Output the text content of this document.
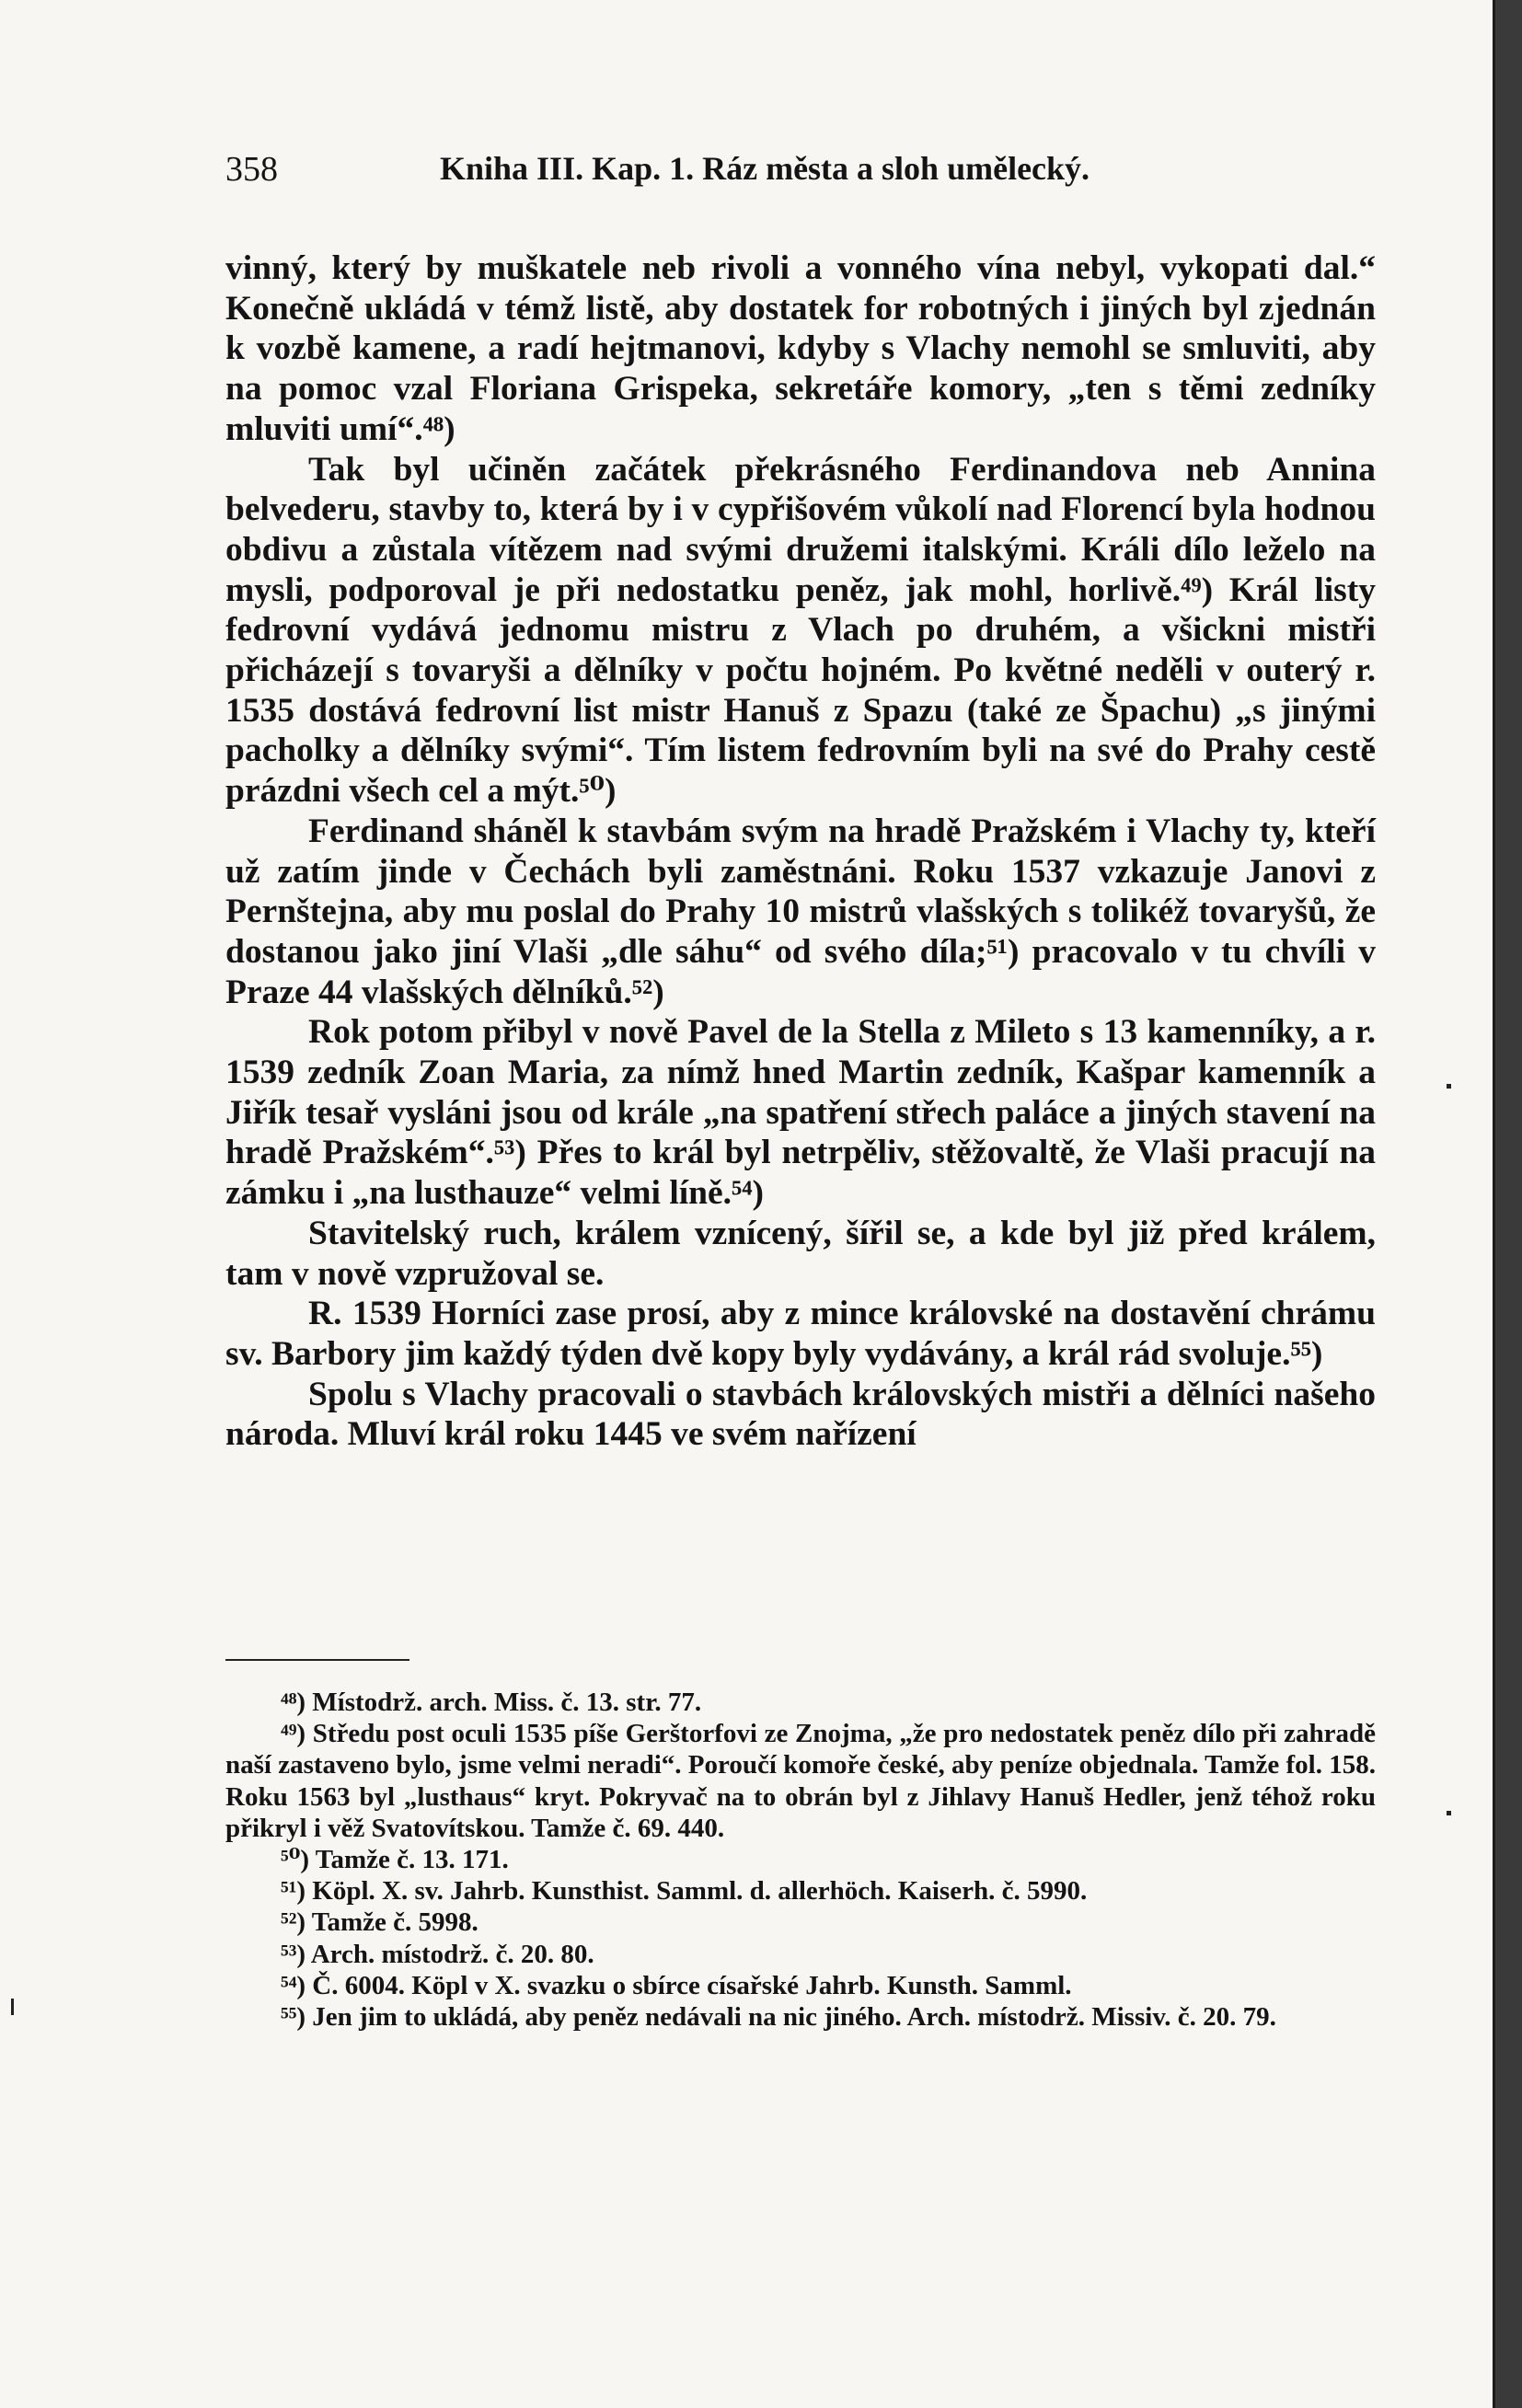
358	Kniha III. Kap. 1. Ráz města a sloh umělecký.

vinný, který by muškatele neb rivoli a vonného vína nebyl, vykopati dal.“ Konečně ukládá v témž listě, aby dostatek for robotných i jiných byl zjednán k vozbě kamene, a radí hejtmanovi, kdyby s Vlachy nemohl se smluviti, aby na pomoc vzal Floriana Grispeka, sekretáře komory, „ten s těmi zedníky mluviti umí“.⁴⁸)

Tak byl učiněn začátek překrásného Ferdinandova neb Annina belvederu, stavby to, která by i v cypřišovém vůkolí nad Florencí byla hodnou obdivu a zůstala vítězem nad svými družemi italskými. Králi dílo leželo na mysli, podporoval je při nedostatku peněz, jak mohl, horlivě.⁴⁹) Král listy fedrovní vydává jednomu mistru z Vlach po druhém, a všickni mistři přicházejí s tovaryši a dělníky v počtu hojném. Po květné neděli v outerý r. 1535 dostává fedrovní list mistr Hanuš z Spazu (také ze Špachu) „s jinými pacholky a dělníky svými“. Tím listem fedrovním byli na své do Prahy cestě prázdni všech cel a mýt.⁵⁰)

Ferdinand sháněl k stavbám svým na hradě Pražském i Vlachy ty, kteří už zatím jinde v Čechách byli zaměstnáni. Roku 1537 vzkazuje Janovi z Pernštejna, aby mu poslal do Prahy 10 mistrů vlašských s tolikéž tovaryšů, že dostanou jako jiní Vlaši „dle sáhu“ od svého díla;⁵¹) pracovalo v tu chvíli v Praze 44 vlašských dělníků.⁵²)

Rok potom přibyl v nově Pavel de la Stella z Mileto s 13 kamenníky, a r. 1539 zedník Zoan Maria, za nímž hned Martin zedník, Kašpar kamenník a Jiřík tesař vysláni jsou od krále „na spatření střech paláce a jiných stavení na hradě Pražském“.⁵³) Přes to král byl netrpěliv, stěžovaltě, že Vlaši pracují na zámku i „na lusthauze“ velmi líně.⁵⁴)

Stavitelský ruch, králem vznícený, šířil se, a kde byl již před králem, tam v nově vzpružoval se.

R. 1539 Horníci zase prosí, aby z mince královské na dostavění chrámu sv. Barbory jim každý týden dvě kopy byly vydávány, a král rád svoluje.⁵⁵)

Spolu s Vlachy pracovali o stavbách královských mistři a dělníci našeho národa. Mluví král roku 1445 ve svém nařízení

⁴⁸) Místodrž. arch. Miss. č. 13. str. 77.

⁴⁹) Středu post oculi 1535 píše Gerštorfovi ze Znojma, „že pro nedostatek peněz dílo při zahradě naší zastaveno bylo, jsme velmi neradi“. Poroučí komoře české, aby peníze objednala. Tamže fol. 158. Roku 1563 byl „lusthaus“ kryt. Pokryvač na to obrán byl z Jihlavy Hanuš Hedler, jenž téhož roku přikryl i věž Svatovítskou. Tamže č. 69. 440.

⁵⁰) Tamže č. 13. 171.

⁵¹) Köpl. X. sv. Jahrb. Kunsthist. Samml. d. allerhöch. Kaiserh. č. 5990.

⁵²) Tamže č. 5998.

⁵³) Arch. místodrž. č. 20. 80.

⁵⁴) Č. 6004. Köpl v X. svazku o sbírce císařské Jahrb. Kunsth. Samml.

⁵⁵) Jen jim to ukládá, aby peněz nedávali na nic jiného. Arch. místodrž. Missiv. č. 20. 79.
